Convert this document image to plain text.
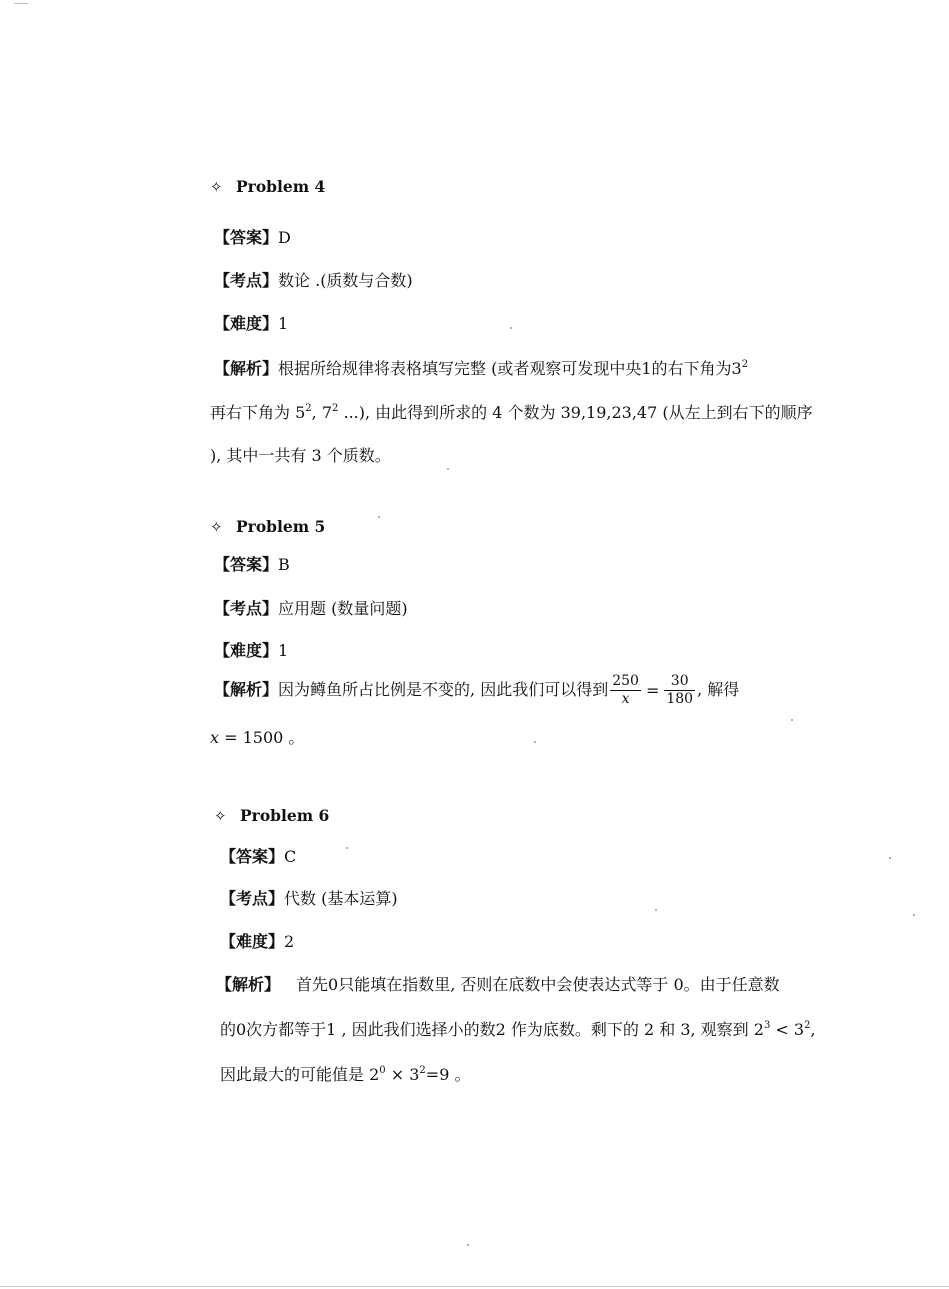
✧ Problem 4
【答案】D
【考点】数论 .(质数与合数)
【难度】1
【解析】根据所给规律将表格填写完整 (或者观察可发现中央1的右下角为$3^2$
再右下角为 $5^2$, $7^2$ ...), 由此得到所求的 4 个数为 39,19,23,47 (从左上到右下的顺序
), 其中一共有 3 个质数。
✧ Problem 5
【答案】B
【考点】应用题 (数量问题)
【难度】1
【解析】因为鳟鱼所占比例是不变的, 因此我们可以得到 $\frac{250}{x} = \frac{30}{180}$ , 解得
x = 1500 。
✧ Problem 6
【答案】C
【考点】代数 (基本运算)
【难度】2
【解析】 首先0只能填在指数里, 否则在底数中会使表达式等于 0。由于任意数
的0次方都等于1 , 因此我们选择小的数2 作为底数。剩下的 2 和 3, 观察到 $2^3 < 3^2$,
因此最大的可能值是 $2^0 \times 3^2=9$ 。
